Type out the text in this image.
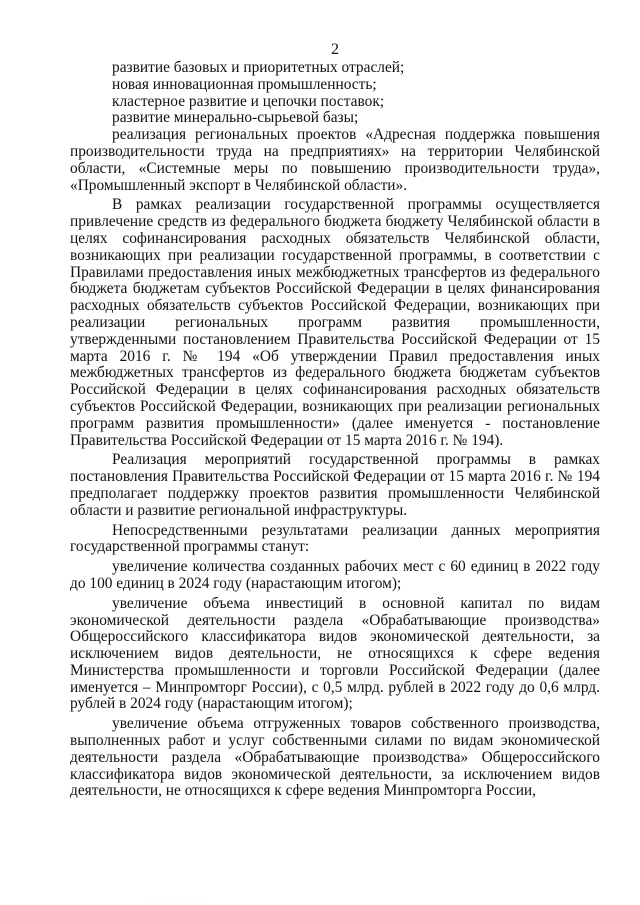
2

развитие базовых и приоритетных отраслей;

новая инновационная промышленность;

кластерное развитие и цепочки поставок;

развитие минерально-сырьевой базы;

реализация региональных проектов «Адресная поддержка повышения производительности труда на предприятиях» на территории Челябинской области, «Системные меры по повышению производительности труда», «Промышленный экспорт в Челябинской области».

В рамках реализации государственной программы осуществляется привлечение средств из федерального бюджета бюджету Челябинской области в целях софинансирования расходных обязательств Челябинской области, возникающих при реализации государственной программы, в соответствии с Правилами предоставления иных межбюджетных трансфертов из федерального бюджета бюджетам субъектов Российской Федерации в целях финансирования расходных обязательств субъектов Российской Федерации, возникающих при реализации региональных программ развития промышленности, утвержденными постановлением Правительства Российской Федерации от 15 марта 2016 г. № 194 «Об утверждении Правил предоставления иных межбюджетных трансфертов из федерального бюджета бюджетам субъектов Российской Федерации в целях софинансирования расходных обязательств субъектов Российской Федерации, возникающих при реализации региональных программ развития промышленности» (далее именуется - постановление Правительства Российской Федерации от 15 марта 2016 г. № 194).

Реализация мероприятий государственной программы в рамках постановления Правительства Российской Федерации от 15 марта 2016 г. № 194 предполагает поддержку проектов развития промышленности Челябинской области и развитие региональной инфраструктуры.

Непосредственными результатами реализации данных мероприятия государственной программы станут:

увеличение количества созданных рабочих мест с 60 единиц в 2022 году до 100 единиц в 2024 году (нарастающим итогом);

увеличение объема инвестиций в основной капитал по видам экономической деятельности раздела «Обрабатывающие производства» Общероссийского классификатора видов экономической деятельности, за исключением видов деятельности, не относящихся к сфере ведения Министерства промышленности и торговли Российской Федерации (далее именуется – Минпромторг России), с 0,5 млрд. рублей в 2022 году до 0,6 млрд. рублей в 2024 году (нарастающим итогом);

увеличение объема отгруженных товаров собственного производства, выполненных работ и услуг собственными силами по видам экономической деятельности раздела «Обрабатывающие производства» Общероссийского классификатора видов экономической деятельности, за исключением видов деятельности, не относящихся к сфере ведения Минпромторга России,

· · · · · · · · · ·
